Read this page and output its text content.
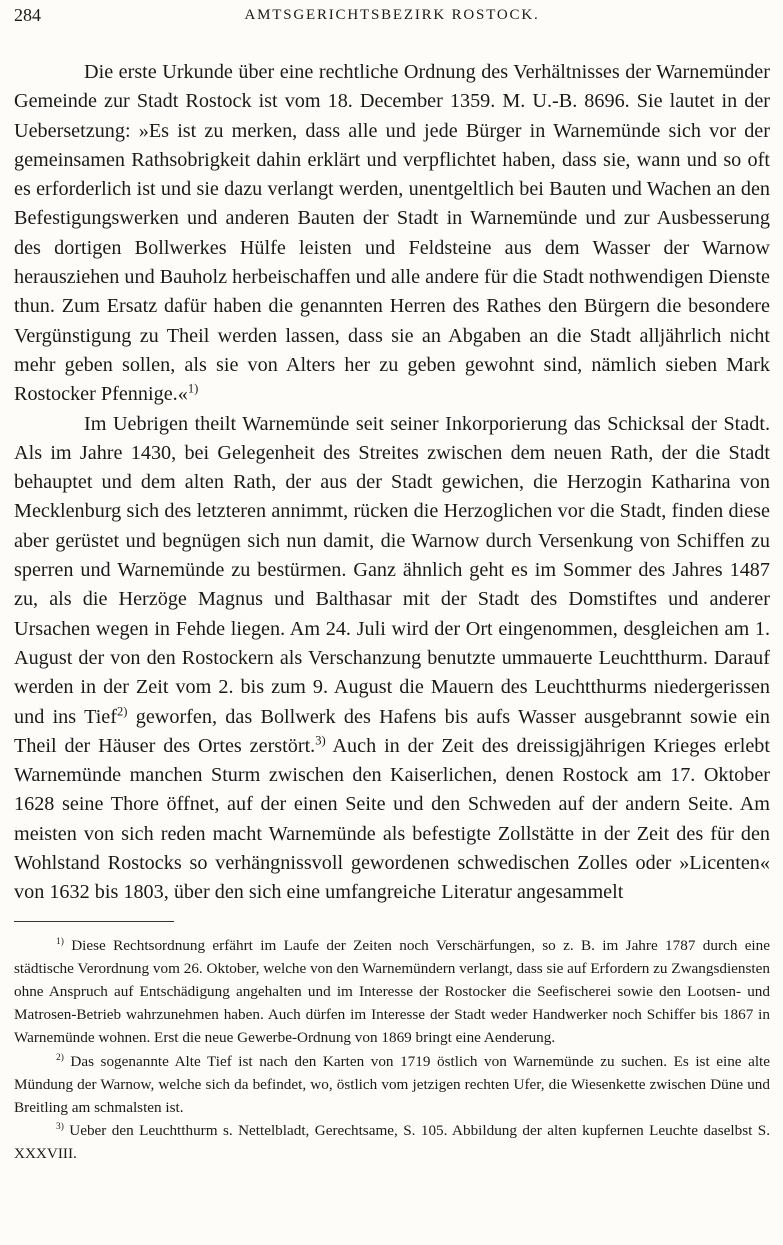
284	AMTSGERICHTSBEZIRK ROSTOCK.

Die erste Urkunde über eine rechtliche Ordnung des Verhältnisses der Warnemünder Gemeinde zur Stadt Rostock ist vom 18. December 1359. M. U.-B. 8696. Sie lautet in der Uebersetzung: »Es ist zu merken, dass alle und jede Bürger in Warnemünde sich vor der gemeinsamen Rathsobrigkeit dahin erklärt und verpflichtet haben, dass sie, wann und so oft es erforderlich ist und sie dazu verlangt werden, unentgeltlich bei Bauten und Wachen an den Befestigungswerken und anderen Bauten der Stadt in Warnemünde und zur Ausbesserung des dortigen Bollwerkes Hülfe leisten und Feldsteine aus dem Wasser der Warnow herausziehen und Bauholz herbeischaffen und alle andere für die Stadt nothwendigen Dienste thun. Zum Ersatz dafür haben die genannten Herren des Rathes den Bürgern die besondere Vergünstigung zu Theil werden lassen, dass sie an Abgaben an die Stadt alljährlich nicht mehr geben sollen, als sie von Alters her zu geben gewohnt sind, nämlich sieben Mark Rostocker Pfennige.«$^{1)}$

Im Uebrigen theilt Warnemünde seit seiner Inkorporierung das Schicksal der Stadt. Als im Jahre 1430, bei Gelegenheit des Streites zwischen dem neuen Rath, der die Stadt behauptet und dem alten Rath, der aus der Stadt gewichen, die Herzogin Katharina von Mecklenburg sich des letzteren annimmt, rücken die Herzoglichen vor die Stadt, finden diese aber gerüstet und begnügen sich nun damit, die Warnow durch Versenkung von Schiffen zu sperren und Warnemünde zu bestürmen. Ganz ähnlich geht es im Sommer des Jahres 1487 zu, als die Herzöge Magnus und Balthasar mit der Stadt des Domstiftes und anderer Ursachen wegen in Fehde liegen. Am 24. Juli wird der Ort eingenommen, desgleichen am 1. August der von den Rostockern als Verschanzung benutzte ummauerte Leuchtthurm. Darauf werden in der Zeit vom 2. bis zum 9. August die Mauern des Leuchtthurms niedergerissen und ins Tief$^{2)}$ geworfen, das Bollwerk des Hafens bis aufs Wasser ausgebrannt sowie ein Theil der Häuser des Ortes zerstört.$^{3)}$ Auch in der Zeit des dreissigjährigen Krieges erlebt Warnemünde manchen Sturm zwischen den Kaiserlichen, denen Rostock am 17. Oktober 1628 seine Thore öffnet, auf der einen Seite und den Schweden auf der andern Seite. Am meisten von sich reden macht Warnemünde als befestigte Zollstätte in der Zeit des für den Wohlstand Rostocks so verhängnissvoll gewordenen schwedischen Zolles oder »Licenten« von 1632 bis 1803, über den sich eine umfangreiche Literatur angesammelt

$^{1)}$ Diese Rechtsordnung erfährt im Laufe der Zeiten noch Verschärfungen, so z. B. im Jahre 1787 durch eine städtische Verordnung vom 26. Oktober, welche von den Warnemündern verlangt, dass sie auf Erfordern zu Zwangsdiensten ohne Anspruch auf Entschädigung angehalten und im Interesse der Rostocker die Seefischerei sowie den Lootsen- und Matrosen-Betrieb wahrzunehmen haben. Auch dürfen im Interesse der Stadt weder Handwerker noch Schiffer bis 1867 in Warnemünde wohnen. Erst die neue Gewerbe-Ordnung von 1869 bringt eine Aenderung.

$^{2)}$ Das sogenannte Alte Tief ist nach den Karten von 1719 östlich von Warnemünde zu suchen. Es ist eine alte Mündung der Warnow, welche sich da befindet, wo, östlich vom jetzigen rechten Ufer, die Wiesenkette zwischen Düne und Breitling am schmalsten ist.

$^{3)}$ Ueber den Leuchtthurm s. Nettelbladt, Gerechtsame, S. 105. Abbildung der alten kupfernen Leuchte daselbst S. XXXVIII.
